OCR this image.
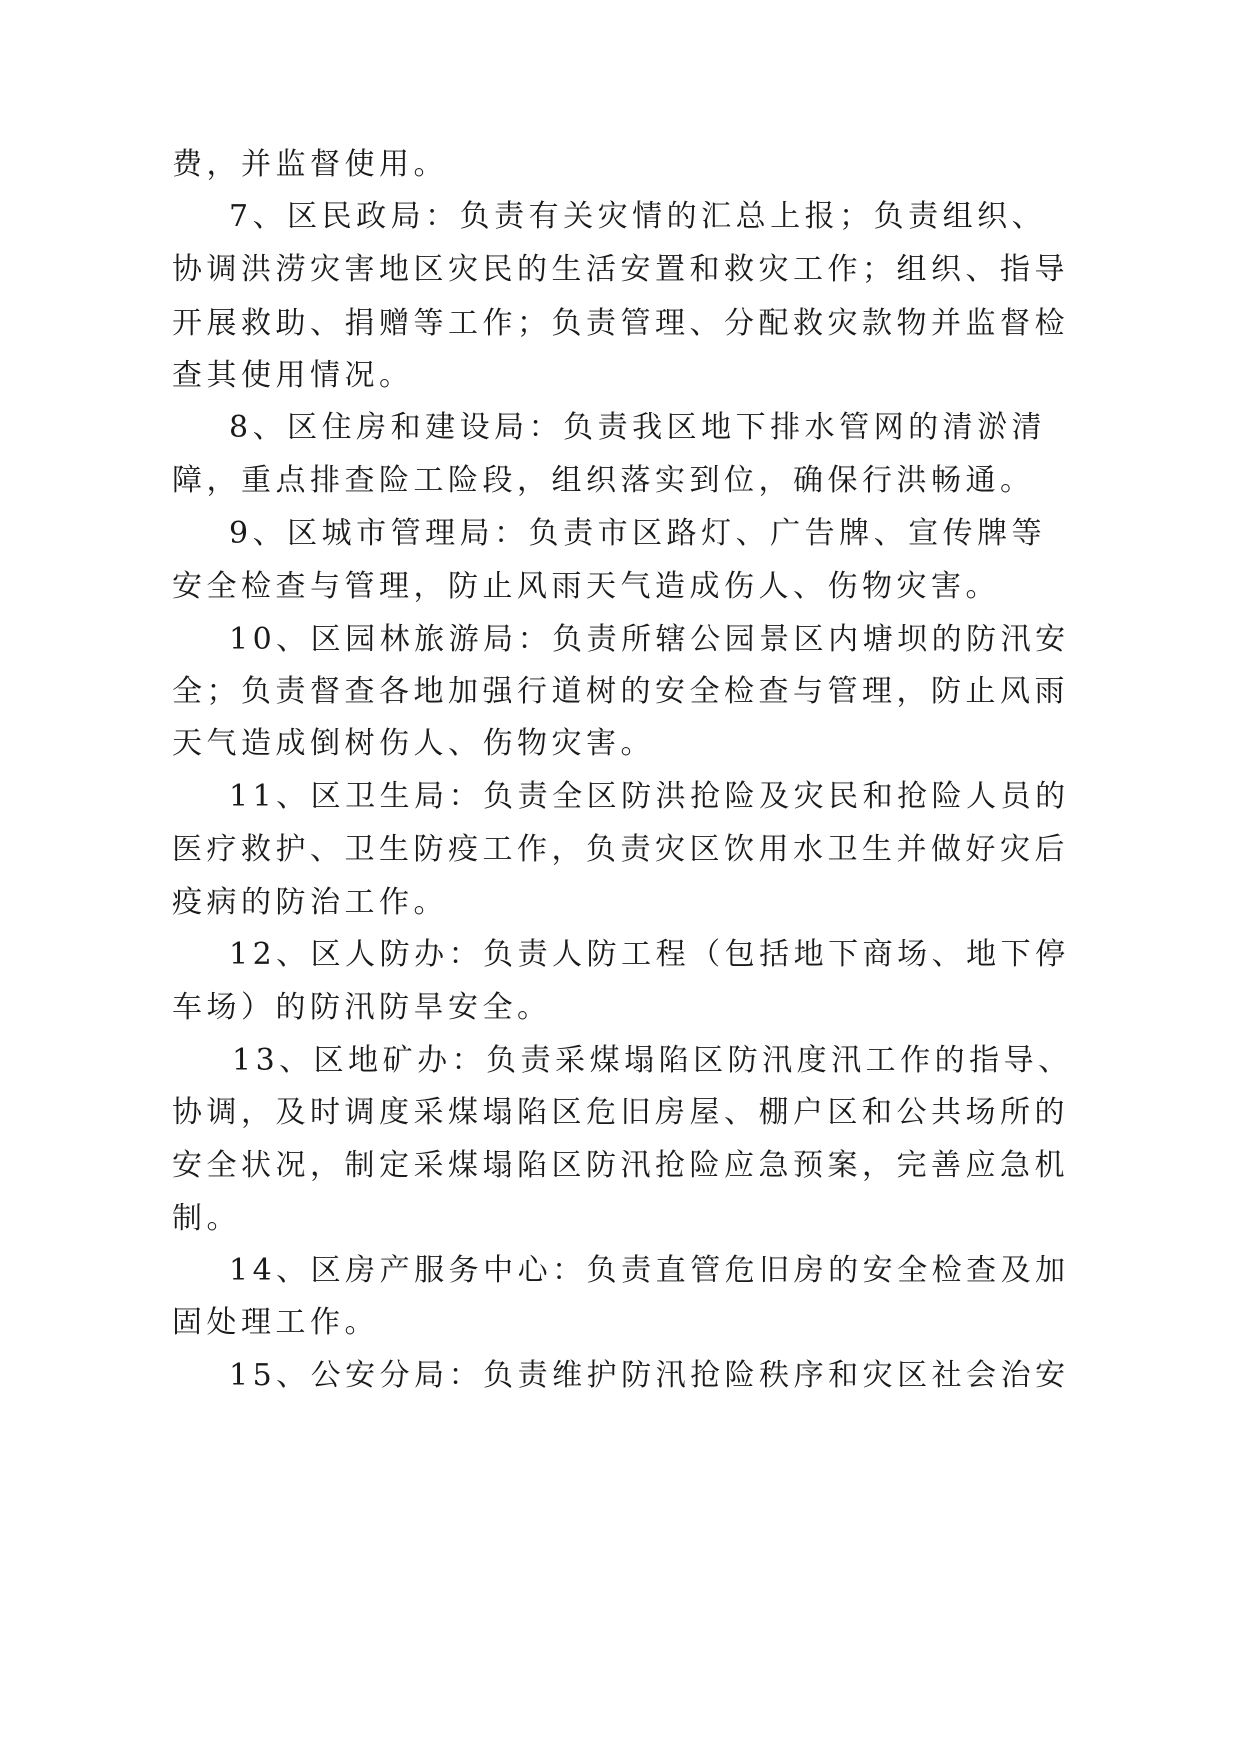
费，并监督使用。
7、区民政局：负责有关灾情的汇总上报；负责组织、
协调洪涝灾害地区灾民的生活安置和救灾工作；组织、指导
开展救助、捐赠等工作；负责管理、分配救灾款物并监督检
查其使用情况。
8、区住房和建设局：负责我区地下排水管网的清淤清
障，重点排查险工险段，组织落实到位，确保行洪畅通。
9、区城市管理局：负责市区路灯、广告牌、宣传牌等
安全检查与管理，防止风雨天气造成伤人、伤物灾害。
10、区园林旅游局：负责所辖公园景区内塘坝的防汛安
全；负责督查各地加强行道树的安全检查与管理，防止风雨
天气造成倒树伤人、伤物灾害。
11、区卫生局：负责全区防洪抢险及灾民和抢险人员的
医疗救护、卫生防疫工作，负责灾区饮用水卫生并做好灾后
疫病的防治工作。
12、区人防办：负责人防工程（包括地下商场、地下停
车场）的防汛防旱安全。
13、区地矿办：负责采煤塌陷区防汛度汛工作的指导、
协调，及时调度采煤塌陷区危旧房屋、棚户区和公共场所的
安全状况，制定采煤塌陷区防汛抢险应急预案，完善应急机
制。
14、区房产服务中心：负责直管危旧房的安全检查及加
固处理工作。
15、公安分局：负责维护防汛抢险秩序和灾区社会治安
